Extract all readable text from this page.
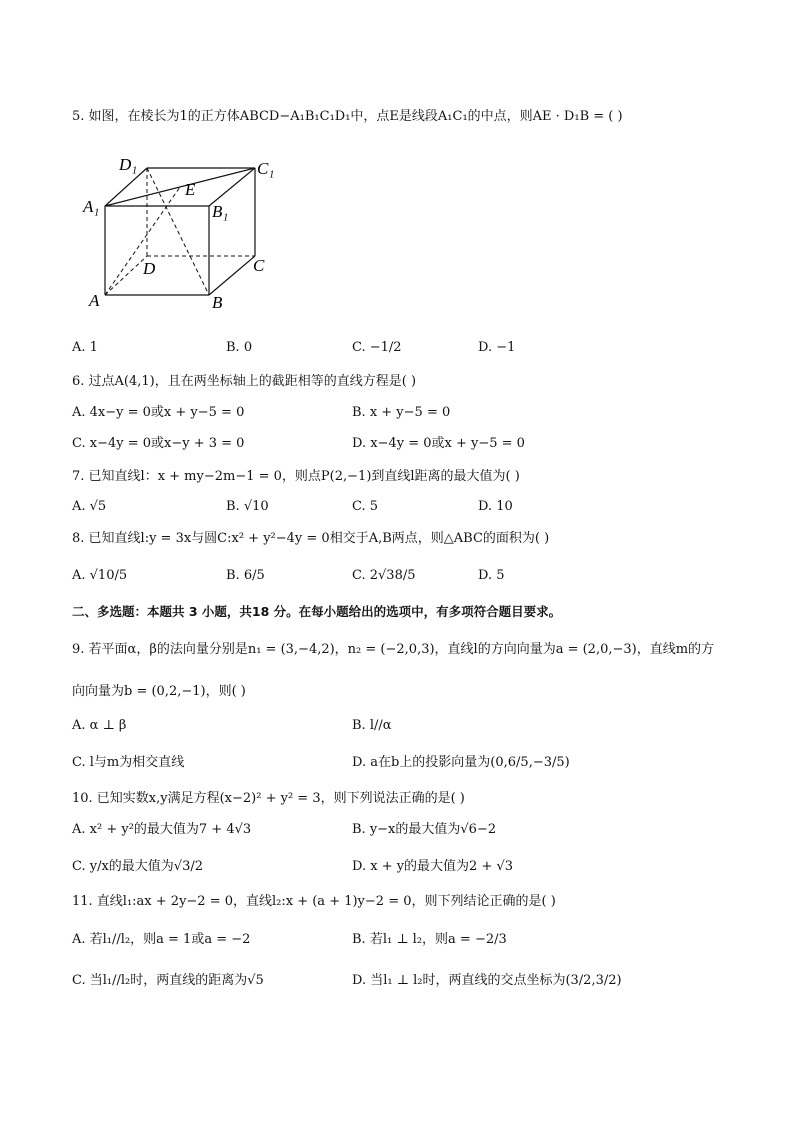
5. 如图，在棱长为1的正方体ABCD−A₁B₁C₁D₁中，点E是线段A₁C₁的中点，则AE · D₁B = ( )
D₁	C₁
A₁	B₁
E
D	C
A	B
A. 1	B. 0	C. −1/2	D. −1
6. 过点A(4,1)，且在两坐标轴上的截距相等的直线方程是( )
A. 4x−y = 0或x + y−5 = 0	B. x + y−5 = 0
C. x−4y = 0或x−y + 3 = 0	D. x−4y = 0或x + y−5 = 0
7. 已知直线l：x + my−2m−1 = 0，则点P(2,−1)到直线l距离的最大值为( )
A. √5	B. √10	C. 5	D. 10
8. 已知直线l:y = 3x与圆C:x² + y²−4y = 0相交于A,B两点，则△ABC的面积为( )
A. √10/5	B. 6/5	C. 2√38/5	D. 5
二、多选题：本题共 3 小题，共18 分。在每小题给出的选项中，有多项符合题目要求。
9. 若平面α，β的法向量分别是n₁ = (3,−4,2)，n₂ = (−2,0,3)，直线l的方向向量为a = (2,0,−3)，直线m的方
向向量为b = (0,2,−1)，则( )
A. α ⊥ β	B. l//α
C. l与m为相交直线	D. a在b上的投影向量为(0,6/5,−3/5)
10. 已知实数x,y满足方程(x−2)² + y² = 3，则下列说法正确的是( )
A. x² + y²的最大值为7 + 4√3	B. y−x的最大值为√6−2
C. y/x的最大值为√3/2	D. x + y的最大值为2 + √3
11. 直线l₁:ax + 2y−2 = 0，直线l₂:x + (a + 1)y−2 = 0，则下列结论正确的是( )
A. 若l₁//l₂，则a = 1或a = −2	B. 若l₁ ⊥ l₂，则a = −2/3
C. 当l₁//l₂时，两直线的距离为√5	D. 当l₁ ⊥ l₂时，两直线的交点坐标为(3/2,3/2)
